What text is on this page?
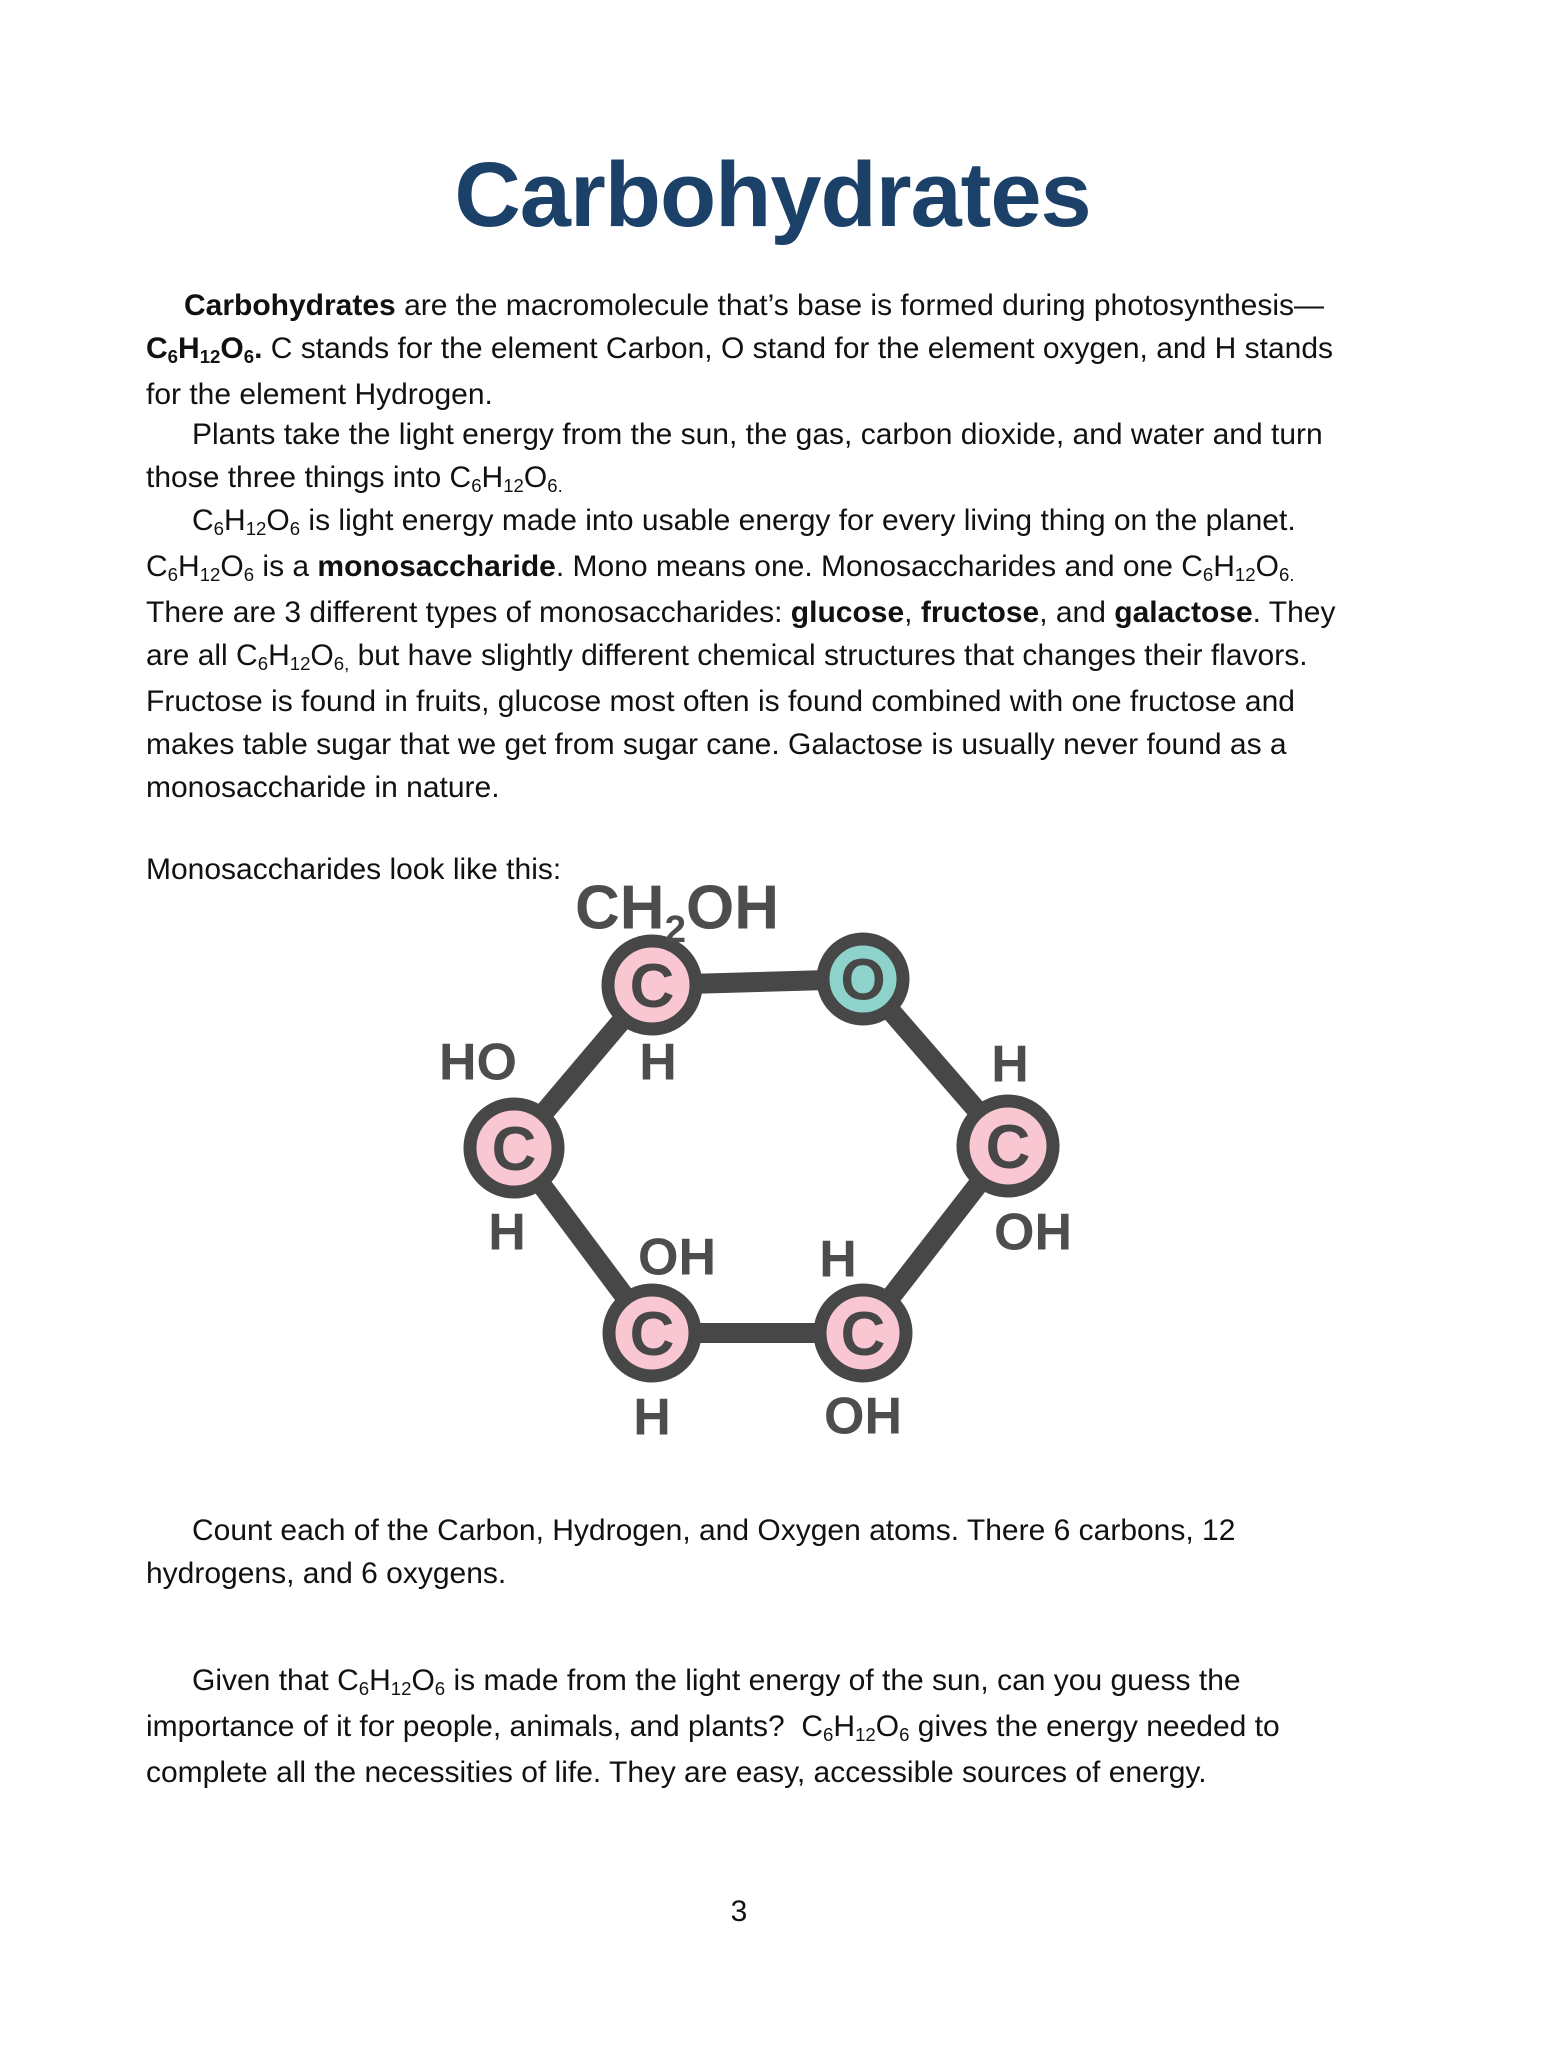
Carbohydrates
Carbohydrates are the macromolecule that’s base is formed during photosynthesis—
C6H12O6. C stands for the element Carbon, O stand for the element oxygen, and H stands
for the element Hydrogen.
Plants take the light energy from the sun, the gas, carbon dioxide, and water and turn
those three things into C6H12O6.
C6H12O6 is light energy made into usable energy for every living thing on the planet.
C6H12O6 is a monosaccharide. Mono means one. Monosaccharides and one C6H12O6.
There are 3 different types of monosaccharides: glucose, fructose, and galactose. They
are all C6H12O6, but have slightly different chemical structures that changes their flavors.
Fructose is found in fruits, glucose most often is found combined with one fructose and
makes table sugar that we get from sugar cane. Galactose is usually never found as a
monosaccharide in nature.
Monosaccharides look like this:
Count each of the Carbon, Hydrogen, and Oxygen atoms. There 6 carbons, 12
hydrogens, and 6 oxygens.
Given that C6H12O6 is made from the light energy of the sun, can you guess the
importance of it for people, animals, and plants?  C6H12O6 gives the energy needed to
complete all the necessities of life. They are easy, accessible sources of energy.
C	O
C
C
C
C
$CH_2OH$
H
HO	H
H	OH
OH H
H	OH
3
